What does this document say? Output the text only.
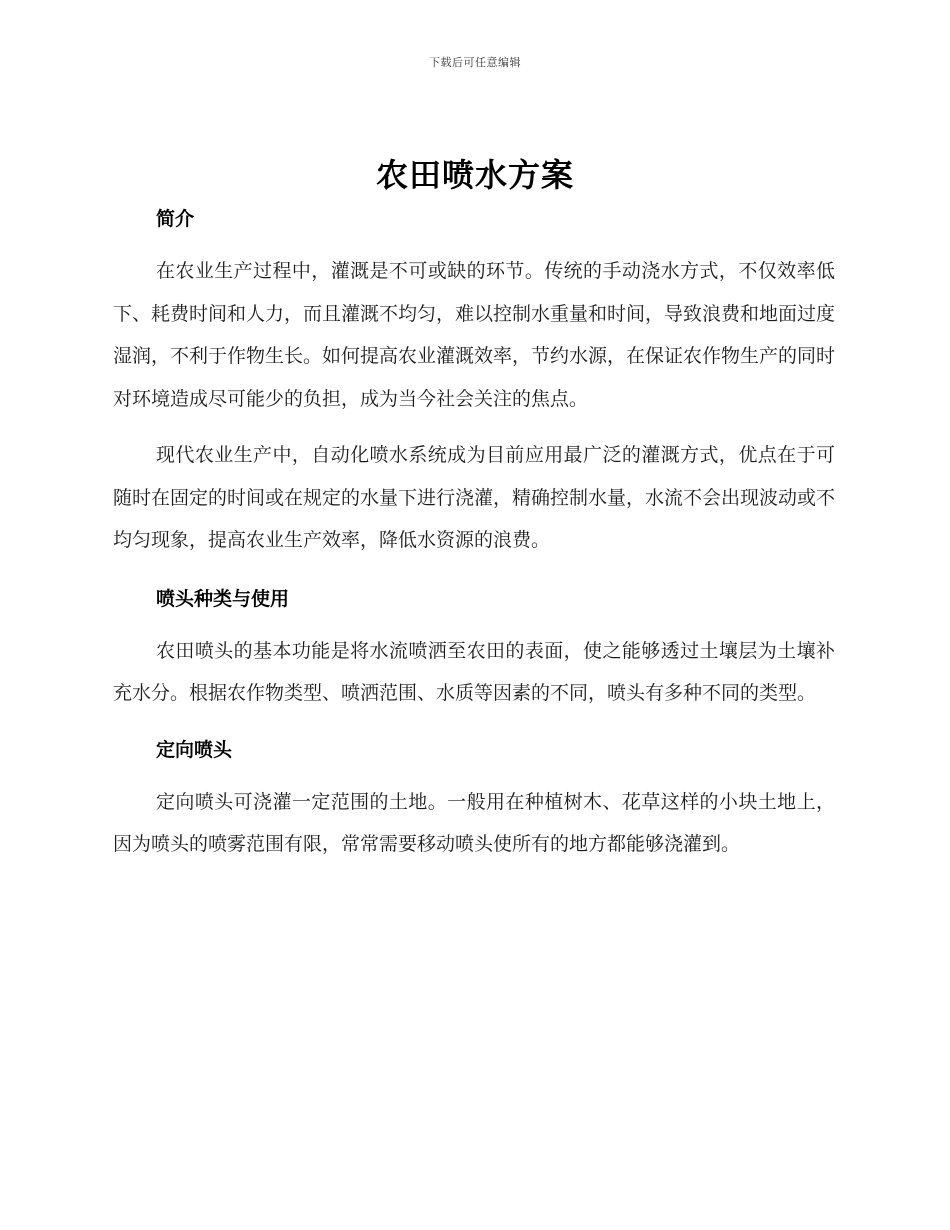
下载后可任意编辑
农田喷水方案
简介

在农业生产过程中，灌溉是不可或缺的环节。传统的手动浇水方式，不仅效率低下、耗费时间和人力，而且灌溉不均匀，难以控制水重量和时间，导致浪费和地面过度湿润，不利于作物生长。如何提高农业灌溉效率，节约水源，在保证农作物生产的同时对环境造成尽可能少的负担，成为当今社会关注的焦点。

现代农业生产中，自动化喷水系统成为目前应用最广泛的灌溉方式，优点在于可随时在固定的时间或在规定的水量下进行浇灌，精确控制水量，水流不会出现波动或不均匀现象，提高农业生产效率，降低水资源的浪费。

喷头种类与使用

农田喷头的基本功能是将水流喷洒至农田的表面，使之能够透过土壤层为土壤补充水分。根据农作物类型、喷洒范围、水质等因素的不同，喷头有多种不同的类型。

定向喷头

定向喷头可浇灌一定范围的土地。一般用在种植树木、花草这样的小块土地上，因为喷头的喷雾范围有限，常常需要移动喷头使所有的地方都能够浇灌到。
